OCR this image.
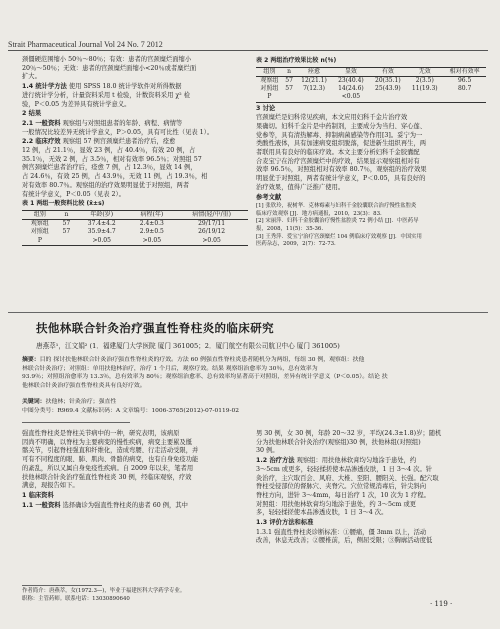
Strait Pharmaceutical Journal Vol 24 No. 7 2012

颈僵硬范围缩小 50％～80％；有效：患者的官颈糜烂面缩小
20％～50％；无效：患者的官颈糜烂面缩小<20％或者糜烂面
扩大。

1.4 统计学方法 使用 SPSS 18.0 统计学软件对所得数据
进行统计学分析，计量资料采用 t 检验，计数资料采用 χ² 检
验，P＜0.05 为差异具有统计学意义。

2 结果

2.1 一般资料 观察组与对照组患者的年龄、病程、病情等
一般情况比较差异无统计学意义，P＞0.05，具有可比性（见表 1）。

2.2 临床疗效 观察组 57 例宫颈糜烂患者治疗后，痊愈
12 例，占 21.1％，显效 23 例，占 40.4％，有效 20 例，占
35.1％，无效 2 例，占 3.5％，相对有效率 96.5％；对照组 57
例宫颈糜烂患者治疗后，痊愈 7 例，占 12.3％，显效 14 例，
占 24.6％，有效 25 例，占 43.9％，无效 11 例，占 19.3％，相
对有效率 80.7％。观察组的治疗效果明显优于对照组，两者
有统计学意义，P＜0.05（见表 2）。

表 1 两组一般资料比较 (x̄±s)
组别	n	年龄(岁)	病程(年)	病情(轻/中/重)
观察组	57	37.4±4.2	2.4±0.3	29/17/11
对照组	57	35.9±4.7	2.9±0.5	26/19/12
P		>0.05	>0.05	>0.05
表 2 两组治疗效果比较 n(％)
组别	n	痊愈	显效	有效	无效	相对有效率
观察组	57	12(21.1)	23(40.4)	20(35.1)	2(3.5)	96.5
对照组	57	7(12.3)	14(24.6)	25(43.9)	11(19.3)	80.7
P			<0.05			

3 讨论

官颈糜烂是妇科常见疾病，本文应用妇科千金片治疗效
果确切。妇科千金片是中药制剂，主要成分为当归、穿心莲、
党参等，具有清热解毒、抑制病菌感染等作用[3]。妥宁为一
类酸性液体，具有加速病变组织脱落，促进新生组织再生，两
者联用具有良好的临床疗效。本文主要分析妇科千金胶囊配
合麦宝宁在治疗宫颈糜烂中的疗效，结果显示观察组相对有
效率 96.5％，对照组相对有效率 80.7％，观察组的治疗效果
明显优于对照组，两者有统计学意义，P＜0.05，具有良好的
治疗效果，值得广泛推广使用。

参考文献

[1] 张欣玲，祝树华．克林霉素与妇科千金胶囊联合治疗慢性盆腔炎
临床疗效观察 [J]．地方病通报，2010，23(3)：83.
[2] 宋丽萍．妇科千金胶囊治疗慢性盆腔炎 72 例小结 [J]．中医药导
报，2008，11(5)：35-36.
[3] 王秀萍．爱宝宁治疗宫颈糜烂 104 例临床疗效观察 [J]．中国实用
医药杂志，2009，2(7)：72-73.
扶他林联合针灸治疗强直性脊柱炎的临床研究
唐燕萃¹，江文娟² (1．福建厦门大学医院 厦门 361005；2．厦门航空有限公司航卫中心 厦门 361005)

摘要：目的 探讨扶他林联合针灸治疗强直性脊柱炎的疗效。方法 60 例强直性脊柱炎患者随机分为两组，每组 30 例，观察组：扶他

林联合针灸治疗；对照组：单用扶他林治疗，治疗 1 个月后，观察疗效。结果 观察组治愈率为 30％，总有效率为

93.9％；对照组治愈率为 13.3％，总有效率为 80％；观察组治愈率、总有效率均显著高于对照组，差异有统计学意义（P＜0.05）。结论 扶

他林联合针灸治疗强直性脊柱炎具有良好疗效。

关键词：扶他林；针灸治疗；强直性

中图分类号：R969.4 文献标识码：A 文章编号：1006-3765(2012)-07-0119-02

强直性脊柱炎是脊柱关节病中的一种，研究表明，该病原
因尚不明确，以脊柱为主要病变的慢性疾病，病变主要累及骶
髂关节，引起脊柱强直和纤维化，造成弯腰、行走活动受限，并
可有不同程度的眼、肺、肌肉、骨骼的病变，也有自身免疫功能
的紊乱，所以又属自身免疫性疾病。自 2009 年以来，笔者用
扶他林联合针灸治疗强直性脊柱炎 30 例，经临床观察，疗效
满意，现报告如下。

1 临床资料

1.1 一般资料 选择确诊为强直性脊柱炎的患者 60 例，其中

作者简介：唐燕萃，女(1972.3—)，毕业于福建医科大学药学专业。
职称：主管药师。联系电话：13030890640

男 30 例，女 30 例，年龄 20～32 岁，平均(24.3±1.8)岁；随机
分为扶他林联合针灸治疗(观察组)30 例，扶他林组(对照组)
30 例。

1.2 治疗方法 观察组：用扶他林软膏均匀地涂于患处，约
3～5cm 或更多，轻轻揉搓使本品渗透皮肤，1 日 3～4 次。针
灸治疗，主穴取百会、风府、大椎、至阳、腰阳关、长强。配穴取
脊柱受侵部位的督脉穴、夹脊穴。穴位常规消毒后，针尖斜向
脊柱方向，进针 3～4mm，每日治疗 1 次，10 次为 1 疗程。
对照组：用扶他林软膏均匀地涂于患处，约 3～5cm 或更
多，轻轻揉搓使本品渗透皮肤，1 日 3～4 次。

1.3 评价方法和标准

1.3.1 强直性脊柱炎诊断标准：①腰痛，僵 3mm 以上，活动
改善，休息无改善；②腰椎前，后，侧屈受限；③胸廓活动度低

· 119 ·
